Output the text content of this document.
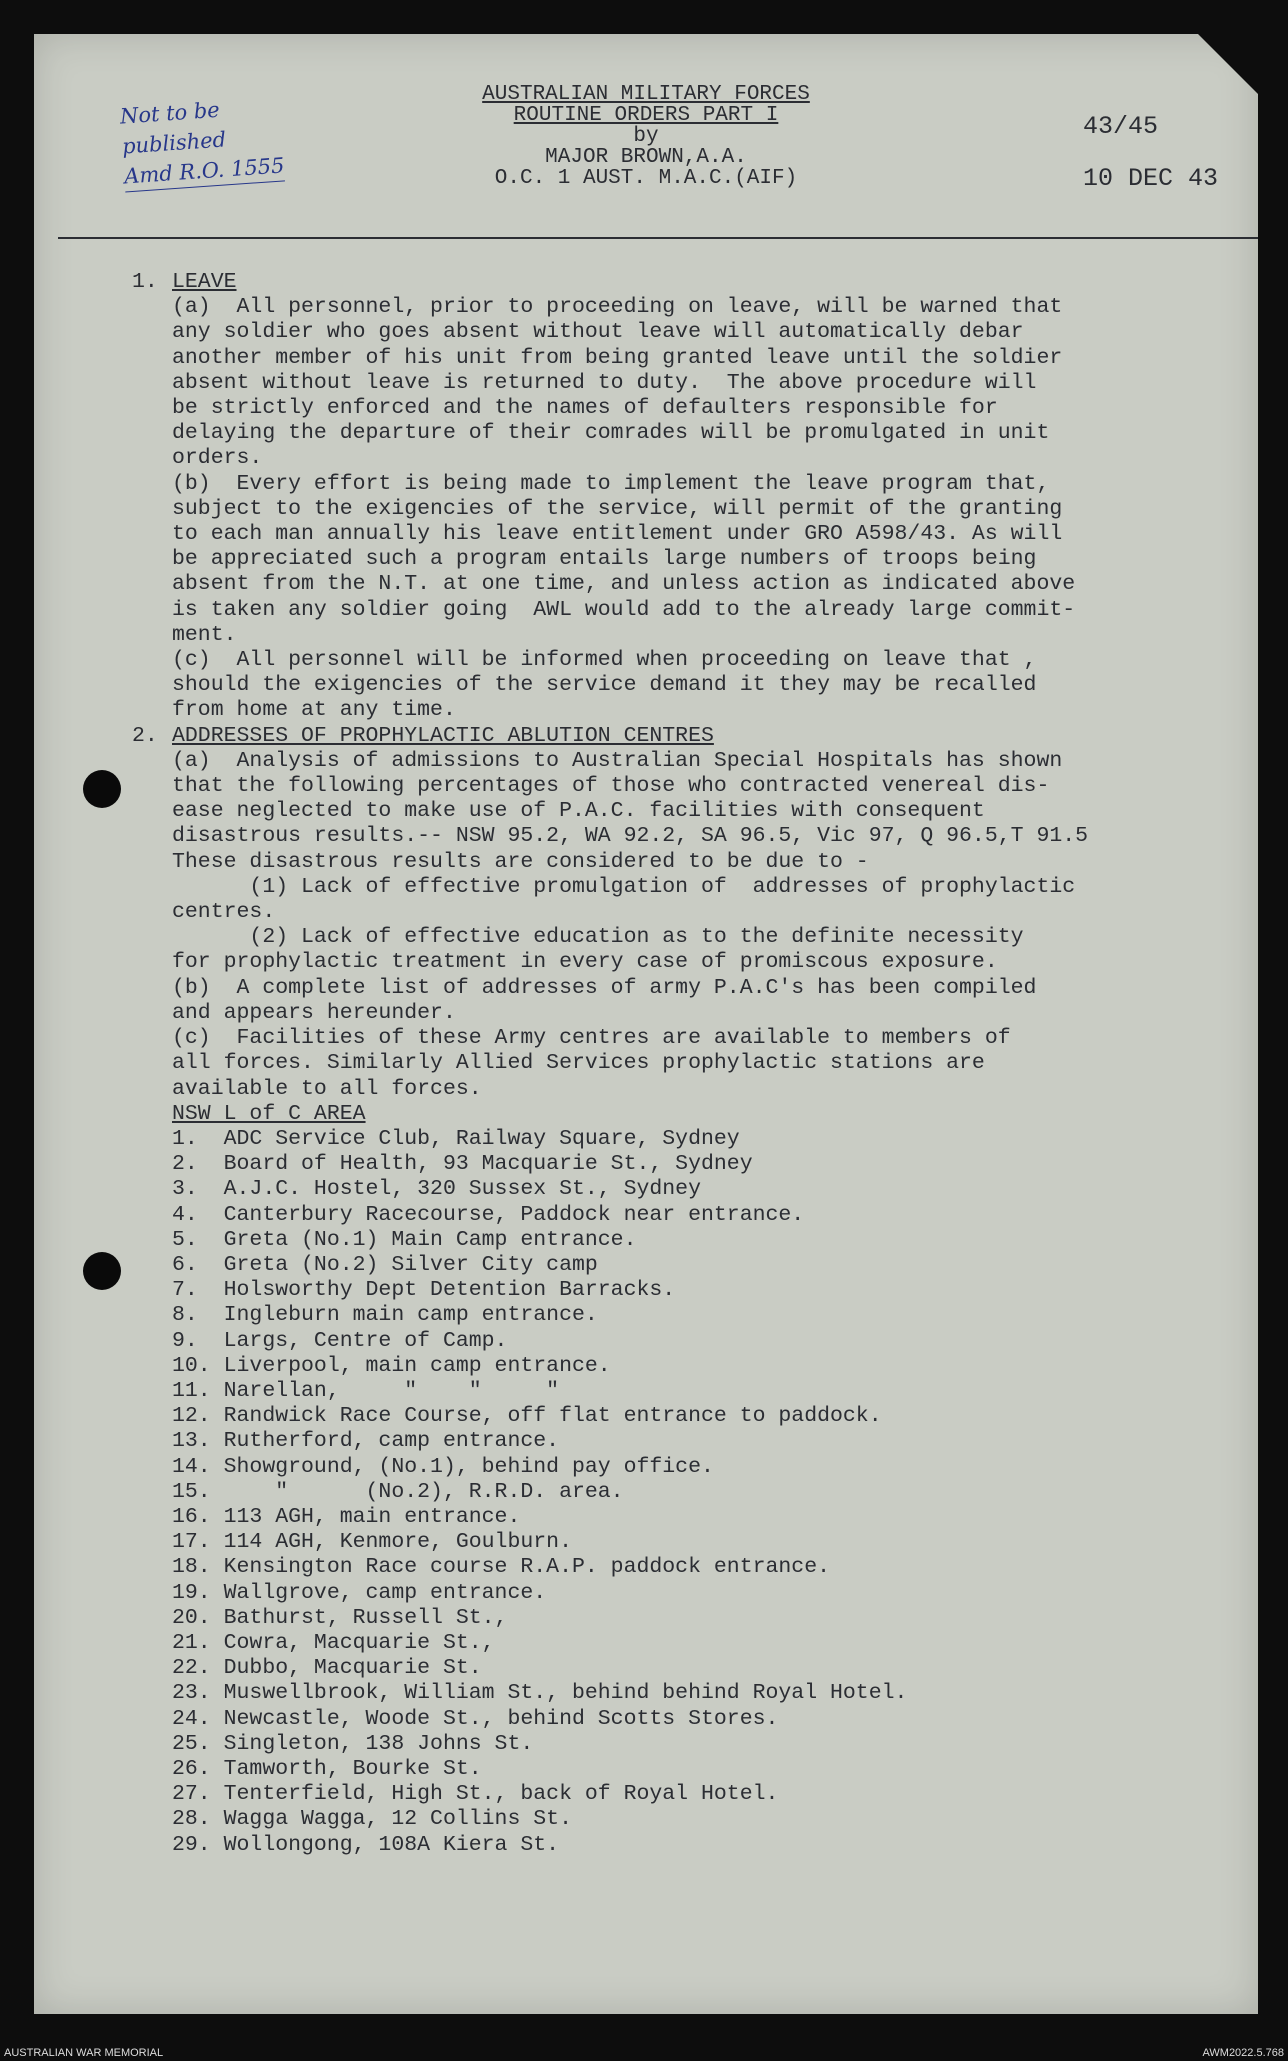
Not to be
published
Amd R.O. 1555
AUSTRALIAN MILITARY FORCES
ROUTINE ORDERS PART I
by
MAJOR BROWN,A.A.
O.C. 1 AUST. M.A.C.(AIF)
43/45
10 DEC 43
1. LEAVE
(a)  All personnel, prior to proceeding on leave, will be warned that
any soldier who goes absent without leave will automatically debar
another member of his unit from being granted leave until the soldier
absent without leave is returned to duty.  The above procedure will
be strictly enforced and the names of defaulters responsible for
delaying the departure of their comrades will be promulgated in unit
orders.
(b)  Every effort is being made to implement the leave program that,
subject to the exigencies of the service, will permit of the granting
to each man annually his leave entitlement under GRO A598/43. As will
be appreciated such a program entails large numbers of troops being
absent from the N.T. at one time, and unless action as indicated above
is taken any soldier going  AWL would add to the already large commit-
ment.
(c)  All personnel will be informed when proceeding on leave that ,
should the exigencies of the service demand it they may be recalled
from home at any time.
2. ADDRESSES OF PROPHYLACTIC ABLUTION CENTRES
(a)  Analysis of admissions to Australian Special Hospitals has shown
that the following percentages of those who contracted venereal dis-
ease neglected to make use of P.A.C. facilities with consequent
disastrous results.-- NSW 95.2, WA 92.2, SA 96.5, Vic 97, Q 96.5,T 91.5
These disastrous results are considered to be due to -
(1) Lack of effective promulgation of  addresses of prophylactic
centres.
(2) Lack of effective education as to the definite necessity
for prophylactic treatment in every case of promiscous exposure.
(b)  A complete list of addresses of army P.A.C's has been compiled
and appears hereunder.
(c)  Facilities of these Army centres are available to members of
all forces. Similarly Allied Services prophylactic stations are
available to all forces.
NSW L of C AREA
1.  ADC Service Club, Railway Square, Sydney
2.  Board of Health, 93 Macquarie St., Sydney
3.  A.J.C. Hostel, 320 Sussex St., Sydney
4.  Canterbury Racecourse, Paddock near entrance.
5.  Greta (No.1) Main Camp entrance.
6.  Greta (No.2) Silver City camp
7.  Holsworthy Dept Detention Barracks.
8.  Ingleburn main camp entrance.
9.  Largs, Centre of Camp.
10. Liverpool, main camp entrance.
11. Narellan,     "    "     "
12. Randwick Race Course, off flat entrance to paddock.
13. Rutherford, camp entrance.
14. Showground, (No.1), behind pay office.
15.     "      (No.2), R.R.D. area.
16. 113 AGH, main entrance.
17. 114 AGH, Kenmore, Goulburn.
18. Kensington Race course R.A.P. paddock entrance.
19. Wallgrove, camp entrance.
20. Bathurst, Russell St.,
21. Cowra, Macquarie St.,
22. Dubbo, Macquarie St.
23. Muswellbrook, William St., behind behind Royal Hotel.
24. Newcastle, Woode St., behind Scotts Stores.
25. Singleton, 138 Johns St.
26. Tamworth, Bourke St.
27. Tenterfield, High St., back of Royal Hotel.
28. Wagga Wagga, 12 Collins St.
29. Wollongong, 108A Kiera St.
AUSTRALIAN WAR MEMORIAL	AWM2022.5.768
